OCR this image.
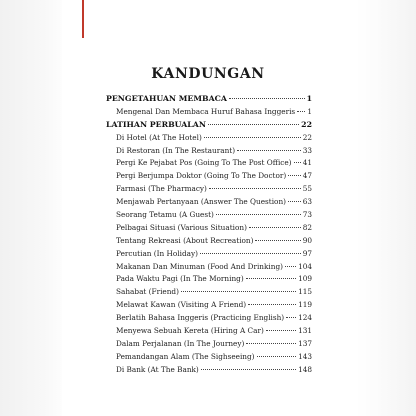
KANDUNGAN
PENGETAHUAN MEMBACA	1
Mengenal Dan Membaca Huruf Bahasa Inggeris 1
LATIHAN PERBUALAN	22
Di Hotel (At The Hotel)	22
Di Restoran (In The Restaurant)	33
Pergi Ke Pejabat Pos (Going To The Post Office) 41
Pergi Berjumpa Doktor (Going To The Doctor) 47
Farmasi (The Pharmacy)	55
Menjawab Pertanyaan (Answer The Question) 63
Seorang Tetamu (A Guest)	73
Pelbagai Situasi (Various Situation)	82
Tentang Rekreasi (About Recreation)	90
Percutian (In Holiday)	97
Makanan Dan Minuman (Food And Drinking) 104
Pada Waktu Pagi (In The Morning)	109
Sahabat (Friend)	115
Melawat Kawan (Visiting A Friend)	119
Berlatih Bahasa Inggeris (Practicing English) 124
Menyewa Sebuah Kereta (Hiring A Car)	131
Dalam Perjalanan (In The Journey)	137
Pemandangan Alam (The Sighseeing)	143
Di Bank (At The Bank)	148
